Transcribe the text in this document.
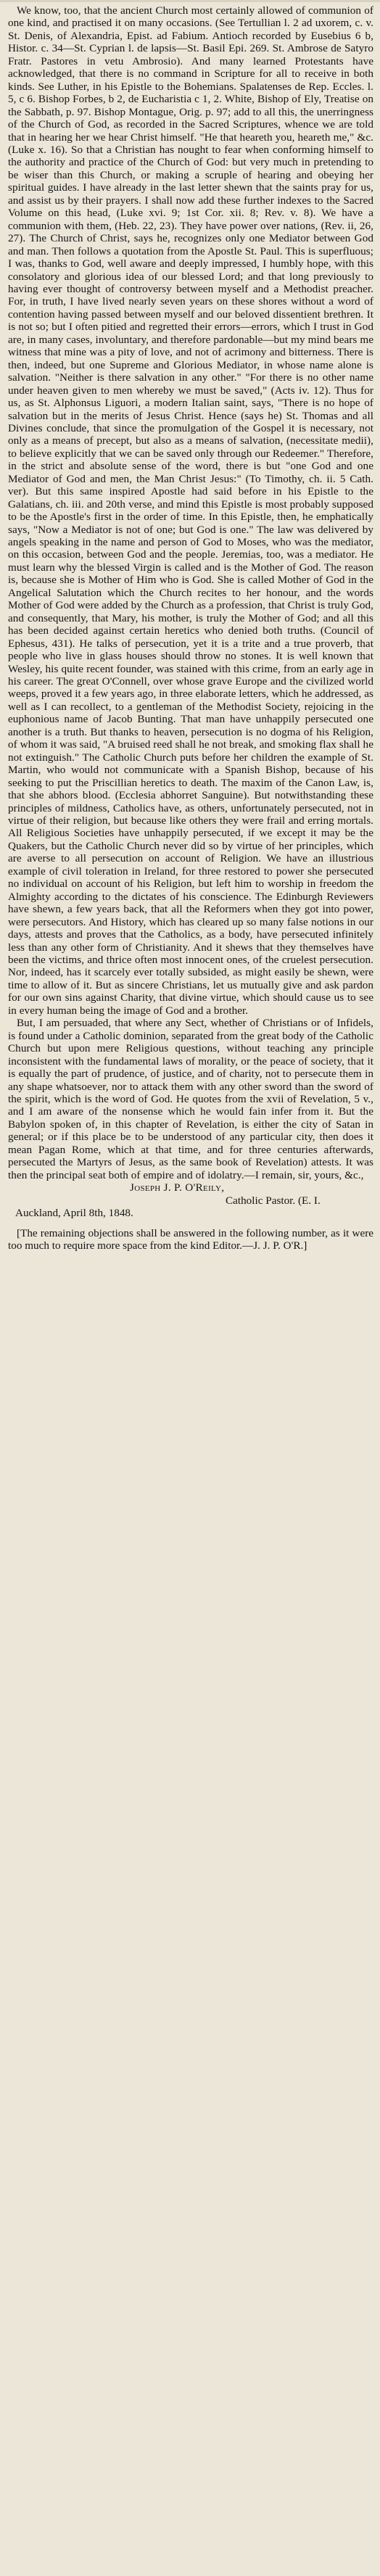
We know, too, that the ancient Church most certainly allowed of communion of one kind, and practised it on many occasions. (See Tertullian l. 2 ad uxorem, c. v. St. Denis, of Alexandria, Epist. ad Fabium. Antioch recorded by Eusebius 6 b, Histor. c. 34—St. Cyprian l. de lapsis—St. Basil Epi. 269. St. Ambrose de Satyro Fratr. Pastores in vetu Ambrosio). And many learned Protestants have acknowledged, that there is no command in Scripture for all to receive in both kinds. See Luther, in his Epistle to the Bohemians. Spalatenses de Rep. Eccles. l. 5, c 6. Bishop Forbes, b 2, de Eucharistia c 1, 2. White, Bishop of Ely, Treatise on the Sabbath, p. 97. Bishop Montague, Orig. p. 97; add to all this, the unerringness of the Church of God, as recorded in the Sacred Scriptures, whence we are told that in hearing her we hear Christ himself. "He that heareth you, heareth me," &c. (Luke x. 16). So that a Christian has nought to fear when conforming himself to the authority and practice of the Church of God: but very much in pretending to be wiser than this Church, or making a scruple of hearing and obeying her spiritual guides. I have already in the last letter shewn that the saints pray for us, and assist us by their prayers. I shall now add these further indexes to the Sacred Volume on this head, (Luke xvi. 9; 1st Cor. xii. 8; Rev. v. 8). We have a communion with them, (Heb. 22, 23). They have power over nations, (Rev. ii, 26, 27). The Church of Christ, says he, recognizes only one Mediator between God and man. Then follows a quotation from the Apostle St. Paul. This is superfluous; I was, thanks to God, well aware and deeply impressed, I humbly hope, with this consolatory and glorious idea of our blessed Lord; and that long previously to having ever thought of controversy between myself and a Methodist preacher. For, in truth, I have lived nearly seven years on these shores without a word of contention having passed between myself and our beloved dissentient brethren. It is not so; but I often pitied and regretted their errors—errors, which I trust in God are, in many cases, involuntary, and therefore pardonable—but my mind bears me witness that mine was a pity of love, and not of acrimony and bitterness. There is then, indeed, but one Supreme and Glorious Mediator, in whose name alone is salvation. "Neither is there salvation in any other." "For there is no other name under heaven given to men whereby we must be saved," (Acts iv. 12). Thus for us, as St. Alphonsus Liguori, a modern Italian saint, says, "There is no hope of salvation but in the merits of Jesus Christ. Hence (says he) St. Thomas and all Divines conclude, that since the promulgation of the Gospel it is necessary, not only as a means of precept, but also as a means of salvation, (necessitate medii), to believe explicitly that we can be saved only through our Redeemer." Therefore, in the strict and absolute sense of the word, there is but "one God and one Mediator of God and men, the Man Christ Jesus:" (To Timothy, ch. ii. 5 Cath. ver). But this same inspired Apostle had said before in his Epistle to the Galatians, ch. iii. and 20th verse, and mind this Epistle is most probably supposed to be the Apostle's first in the order of time. In this Epistle, then, he emphatically says, "Now a Mediator is not of one; but God is one." The law was delivered by angels speaking in the name and person of God to Moses, who was the mediator, on this occasion, between God and the people. Jeremias, too, was a mediator. He must learn why the blessed Virgin is called and is the Mother of God. The reason is, because she is Mother of Him who is God. She is called Mother of God in the Angelical Salutation which the Church recites to her honour, and the words Mother of God were added by the Church as a profession, that Christ is truly God, and consequently, that Mary, his mother, is truly the Mother of God; and all this has been decided against certain heretics who denied both truths. (Council of Ephesus, 431). He talks of persecution, yet it is a trite and a true proverb, that people who live in glass houses should throw no stones. It is well known that Wesley, his quite recent founder, was stained with this crime, from an early age in his career. The great O'Connell, over whose grave Europe and the civilized world weeps, proved it a few years ago, in three elaborate letters, which he addressed, as well as I can recollect, to a gentleman of the Methodist Society, rejoicing in the euphonious name of Jacob Bunting. That man have unhappily persecuted one another is a truth. But thanks to heaven, persecution is no dogma of his Religion, of whom it was said, "A bruised reed shall he not break, and smoking flax shall he not extinguish." The Catholic Church puts before her children the example of St. Martin, who would not communicate with a Spanish Bishop, because of his seeking to put the Priscillian heretics to death. The maxim of the Canon Law, is, that she abhors blood. (Ecclesia abhorret Sanguine). But notwithstanding these principles of mildness, Catholics have, as others, unfortunately persecuted, not in virtue of their religion, but because like others they were frail and erring mortals. All Religious Societies have unhappily persecuted, if we except it may be the Quakers, but the Catholic Church never did so by virtue of her principles, which are averse to all persecution on account of Religion. We have an illustrious example of civil toleration in Ireland, for three restored to power she persecuted no individual on account of his Religion, but left him to worship in freedom the Almighty according to the dictates of his conscience. The Edinburgh Reviewers have shewn, a few years back, that all the Reformers when they got into power, were persecutors. And History, which has cleared up so many false notions in our days, attests and proves that the Catholics, as a body, have persecuted infinitely less than any other form of Christianity. And it shews that they themselves have been the victims, and thrice often most innocent ones, of the cruelest persecution. Nor, indeed, has it scarcely ever totally subsided, as might easily be shewn, were time to allow of it. But as sincere Christians, let us mutually give and ask pardon for our own sins against Charity, that divine virtue, which should cause us to see in every human being the image of God and a brother.

But, I am persuaded, that where any Sect, whether of Christians or of Infidels, is found under a Catholic dominion, separated from the great body of the Catholic Church but upon mere Religious questions, without teaching any principle inconsistent with the fundamental laws of morality, or the peace of society, that it is equally the part of prudence, of justice, and of charity, not to persecute them in any shape whatsoever, nor to attack them with any other sword than the sword of the spirit, which is the word of God. He quotes from the xvii of Revelation, 5 v., and I am aware of the nonsense which he would fain infer from it. But the Babylon spoken of, in this chapter of Revelation, is either the city of Satan in general; or if this place be to be understood of any particular city, then does it mean Pagan Rome, which at that time, and for three centuries afterwards, persecuted the Martyrs of Jesus, as the same book of Revelation) attests. It was then the principal seat both of empire and of idolatry.—I remain, sir, yours, &c.,

Joseph J. P. O'Reily,
Catholic Pastor. (E. I.
Auckland, April 8th, 1848.

[The remaining objections shall be answered in the following number, as it were too much to require more space from the kind Editor.—J. J. P. O'R.]
